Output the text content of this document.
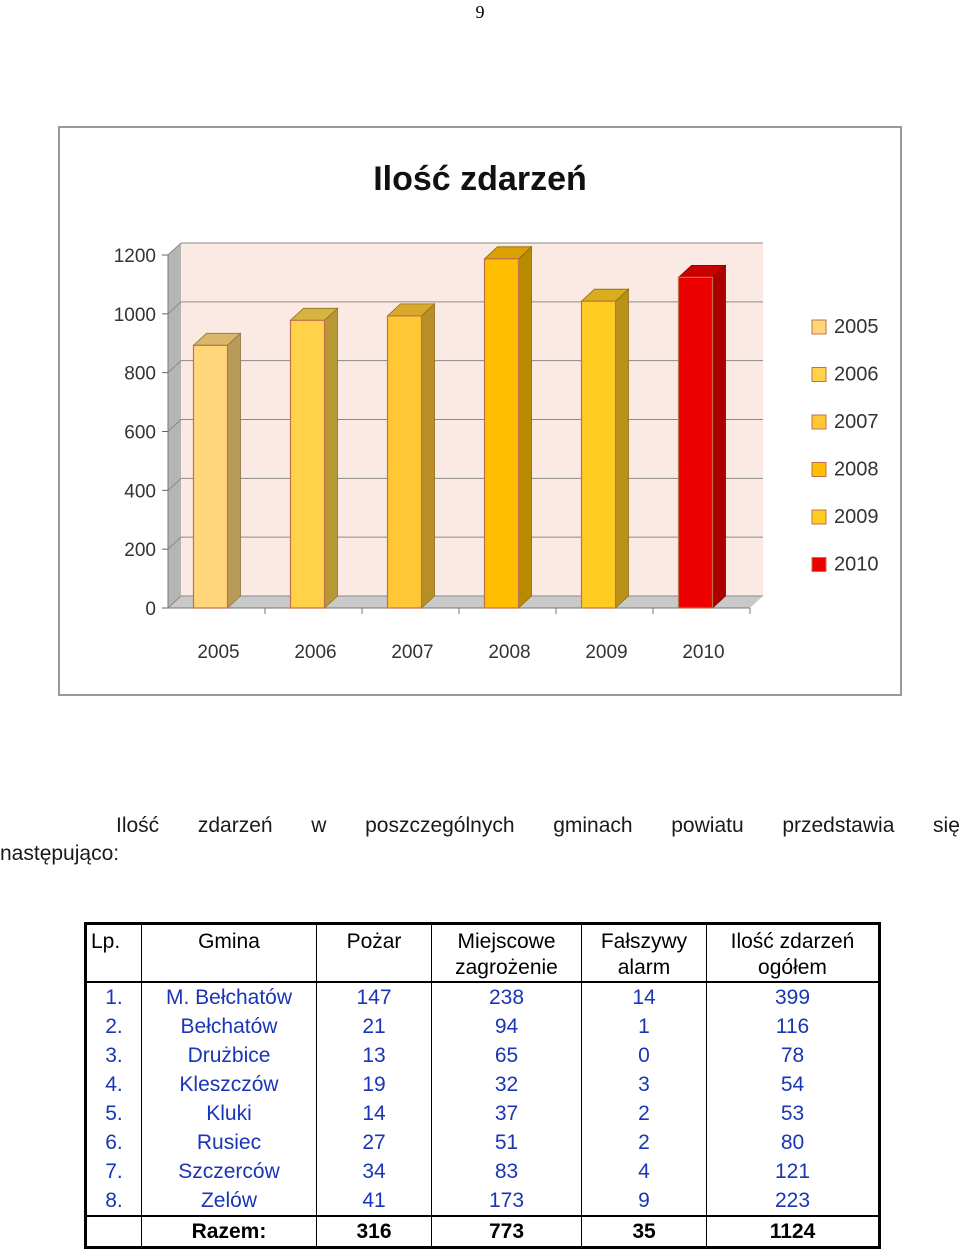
9
Ilość zdarzeń
0
200
400
600
800
1000
1200
2005	2006	2007	2008	2009	2010
2005
2006
2007
2008
2009
2010
Ilość zdarzeń w poszczególnych gminach powiatu przedstawia się
następująco:
Lp.	Gmina	Pożar	Miejscowe zagrożenie	Fałszywy alarm	Ilość zdarzeń ogółem
1.	M. Bełchatów	147	238	14	399
2.	Bełchatów	21	94	1	116
3.	Drużbice	13	65	0	78
4.	Kleszczów	19	32	3	54
5.	Kluki	14	37	2	53
6.	Rusiec	27	51	2	80
7.	Szczerców	34	83	4	121
8.	Zelów	41	173	9	223
	Razem:	316	773	35	1124
